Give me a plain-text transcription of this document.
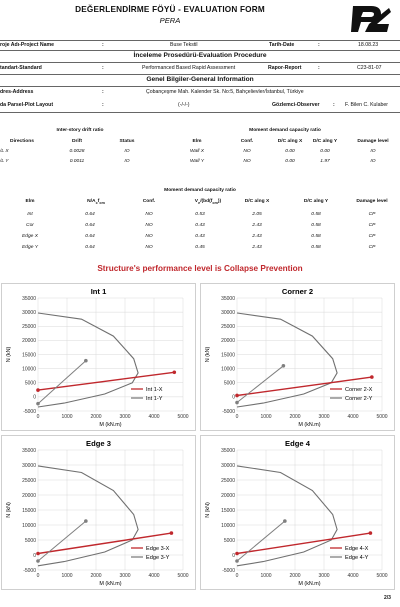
DEĞERLENDİRME FÖYÜ - EVALUATION FORM
PERA
roje Adı-Project Name	:	Buse Tekstil	Tarih-Date	:	18.08.23
İnceleme Prosedürü-Evaluation Procedure
tandart-Standard	:	Performanced Based Rapid Assessment	Rapor-Report	:	C23-81-07
Genel Bilgiler-General Information
dres-Address	:	Çobançeşme Mah. Kalender Sk. No:5, Bahçelievler/İstanbul, Türkiye
da Parsel-Plot Layout	:	(-/-/-)	Gözlemci-Observer	: F. Bilen C. Kulaber
Inter-story drift ratio
Directions	Drift	Status
/L X	0.0028	IO
/L Y	0.0011	IO
Moment demand capacity ratio
Elm	Conf.	D/C alng X	D/C alng Y	Damage level
Wall X	NO	0.00	0.00	IO
Wall Y	NO	0.00	1.97	IO
Moment demand capacity ratio
Elm	$N/A_cf_{cm}$	Conf.	$V_e/(bd(f_{cm}))$	D/C alng X	D/C alng Y	Damage level
Int	0.64	NO	0.53	2.05	0.58	CP
Cor	0.64	NO	0.43	2.43	0.58	CP
Edge X	0.64	NO	0.43	2.43	0.58	CP
Edge Y	0.64	NO	0.45	2.43	0.58	CP
Structure's performance level is Collapse Prevention
Int 1
-5000
0
5000
10000
15000
20000
25000
30000
35000
0	1000	2000	3000	4000	5000
M (kN.m)
N (kN)
Int 1-X
Int 1-Y
Corner 2
-5000
0
5000
10000
15000
20000
25000
30000
35000
0	1000	2000	3000	4000	5000
M (kN.m)
N (kN)
Corner 2-X
Corner 2-Y
Edge 3
-5000
0
5000
10000
15000
20000
25000
30000
35000
0	1000	2000	3000	4000	5000
M (kN.m)
N (kN)
Edge 3-X
Edge 3-Y
Edge 4
-5000
0
5000
10000
15000
20000
25000
30000
35000
0	1000	2000	3000	4000	5000
M (kN.m)
N (kN)
Edge 4-X
Edge 4-Y
2/3
